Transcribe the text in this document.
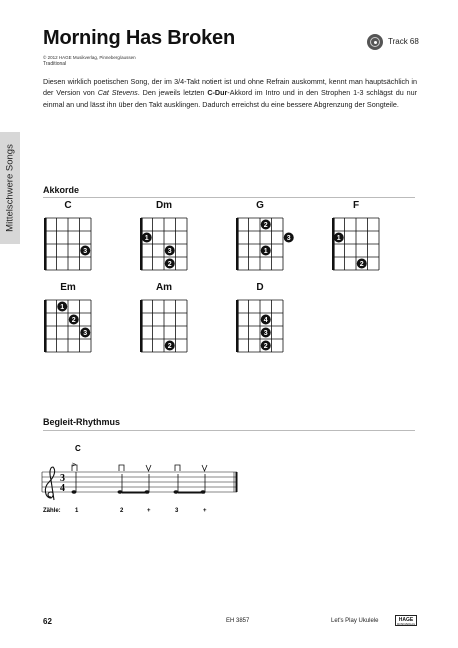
Mittelschwere Songs
Morning Has Broken	Track 68
© 2012 HAGE Musikverlag, Pinneberg/aussen
Traditional

Diesen wirklich poetischen Song, der im 3/4-Takt notiert ist und ohne Refrain auskommt, kennt man hauptsächlich in der Version von Cat Stevens. Den jeweils letzten C-Dur-Akkord im Intro und in den Strophen 1-3 schlägst du nur einmal an und lässt ihn über den Takt ausklingen. Dadurch erreichst du eine bessere Abgrenzung der Songteile.

Akkorde
C
3
Dm
1
3
2
G
2
3
1
F
1
2
Em
1
2
3
Am
2
D
4
3
2
Begleit-Rhythmus
C
3
4
>
Zähle: 1	2	+	3	+
62	EH 3857	Let's Play Ukulele	HAGE
MUSIKVERLAG
